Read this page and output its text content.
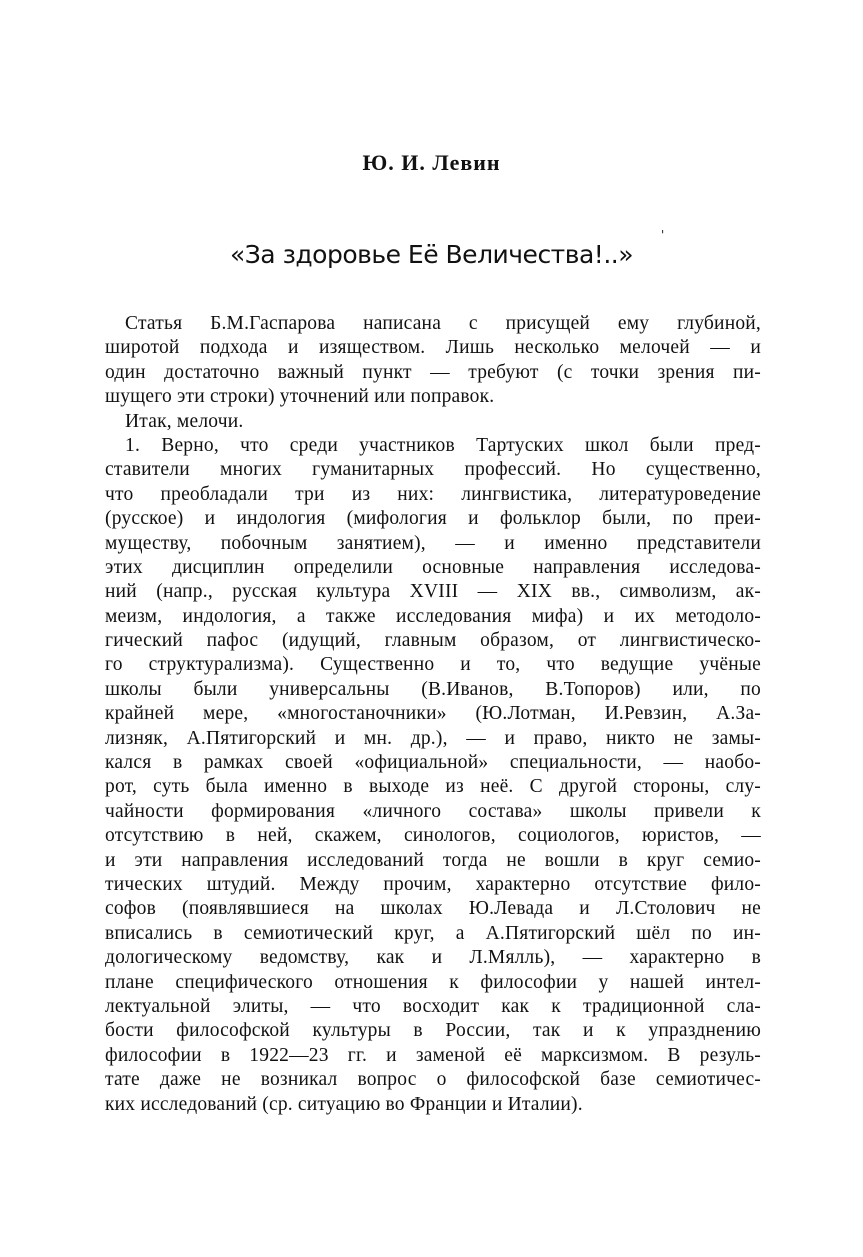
Ю. И. Левин
'
«За здоровье Её Величества!..»
Статья Б.М.Гаспарова написана с присущей ему глубиной,
широтой подхода и изяществом. Лишь несколько мелочей — и
один достаточно важный пункт — требуют (с точки зрения пи-
шущего эти строки) уточнений или поправок.
Итак, мелочи.
1. Верно, что среди участников Тартуских школ были пред-
ставители многих гуманитарных профессий. Но существенно,
что преобладали три из них: лингвистика, литературоведение
(русское) и индология (мифология и фольклор были, по преи-
муществу, побочным занятием), — и именно представители
этих дисциплин определили основные направления исследова-
ний (напр., русская культура XVIII — XIX вв., символизм, ак-
меизм, индология, а также исследования мифа) и их методоло-
гический пафос (идущий, главным образом, от лингвистическо-
го структурализма). Существенно и то, что ведущие учёные
школы были универсальны (В.Иванов, В.Топоров) или, по
крайней мере, «многостаночники» (Ю.Лотман, И.Ревзин, А.За-
лизняк, А.Пятигорский и мн. др.), — и право, никто не замы-
кался в рамках своей «официальной» специальности, — наобо-
рот, суть была именно в выходе из неё. С другой стороны, слу-
чайности формирования «личного состава» школы привели к
отсутствию в ней, скажем, синологов, социологов, юристов, —
и эти направления исследований тогда не вошли в круг семио-
тических штудий. Между прочим, характерно отсутствие фило-
софов (появлявшиеся на школах Ю.Левада и Л.Столович не
вписались в семиотический круг, а А.Пятигорский шёл по ин-
дологическому ведомству, как и Л.Мялль), — характерно в
плане специфического отношения к философии у нашей интел-
лектуальной элиты, — что восходит как к традиционной сла-
бости философской культуры в России, так и к упразднению
философии в 1922—23 гг. и заменой её марксизмом. В резуль-
тате даже не возникал вопрос о философской базе семиотичес-
ких исследований (ср. ситуацию во Франции и Италии).
